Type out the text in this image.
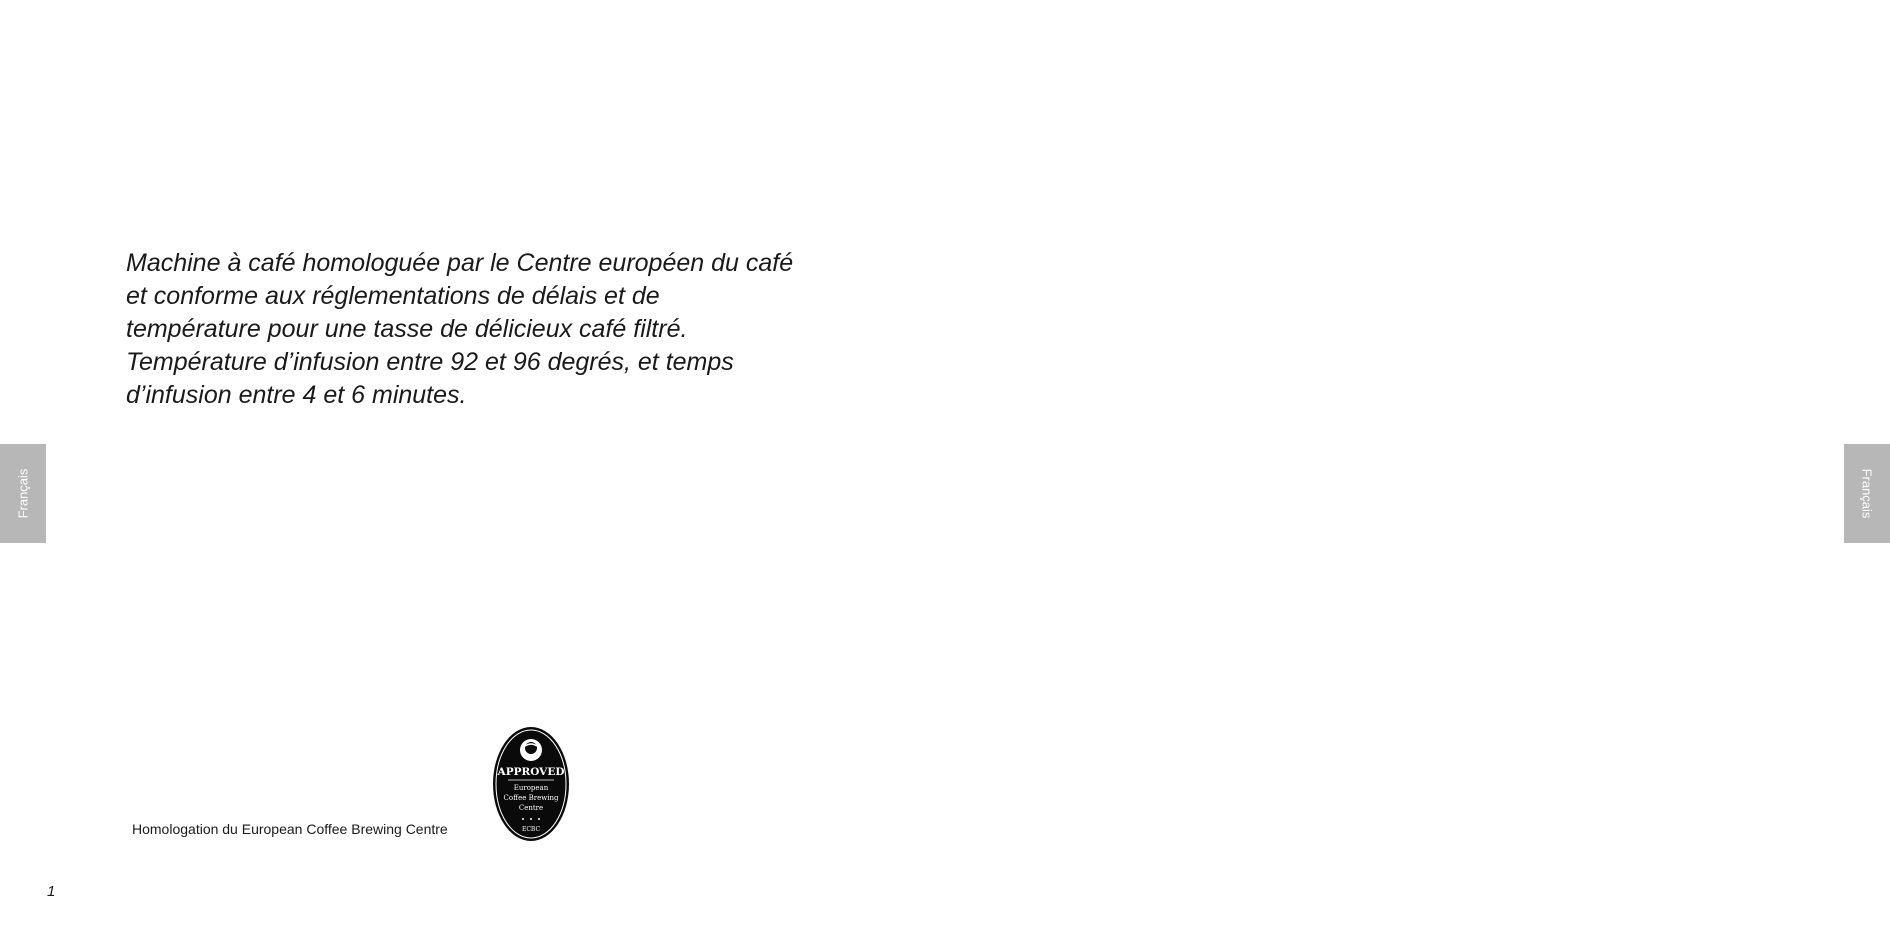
Machine à café homologuée par le Centre européen du café et conforme aux réglementations de délais et de température pour une tasse de délicieux café filtré. Température d’infusion entre 92 et 96 degrés, et temps d’infusion entre 4 et 6 minutes.

Français
Homologation du European Coffee Brewing Centre
APPROVED
European
Coffee Brewing
Centre
ECBC
1
Français
